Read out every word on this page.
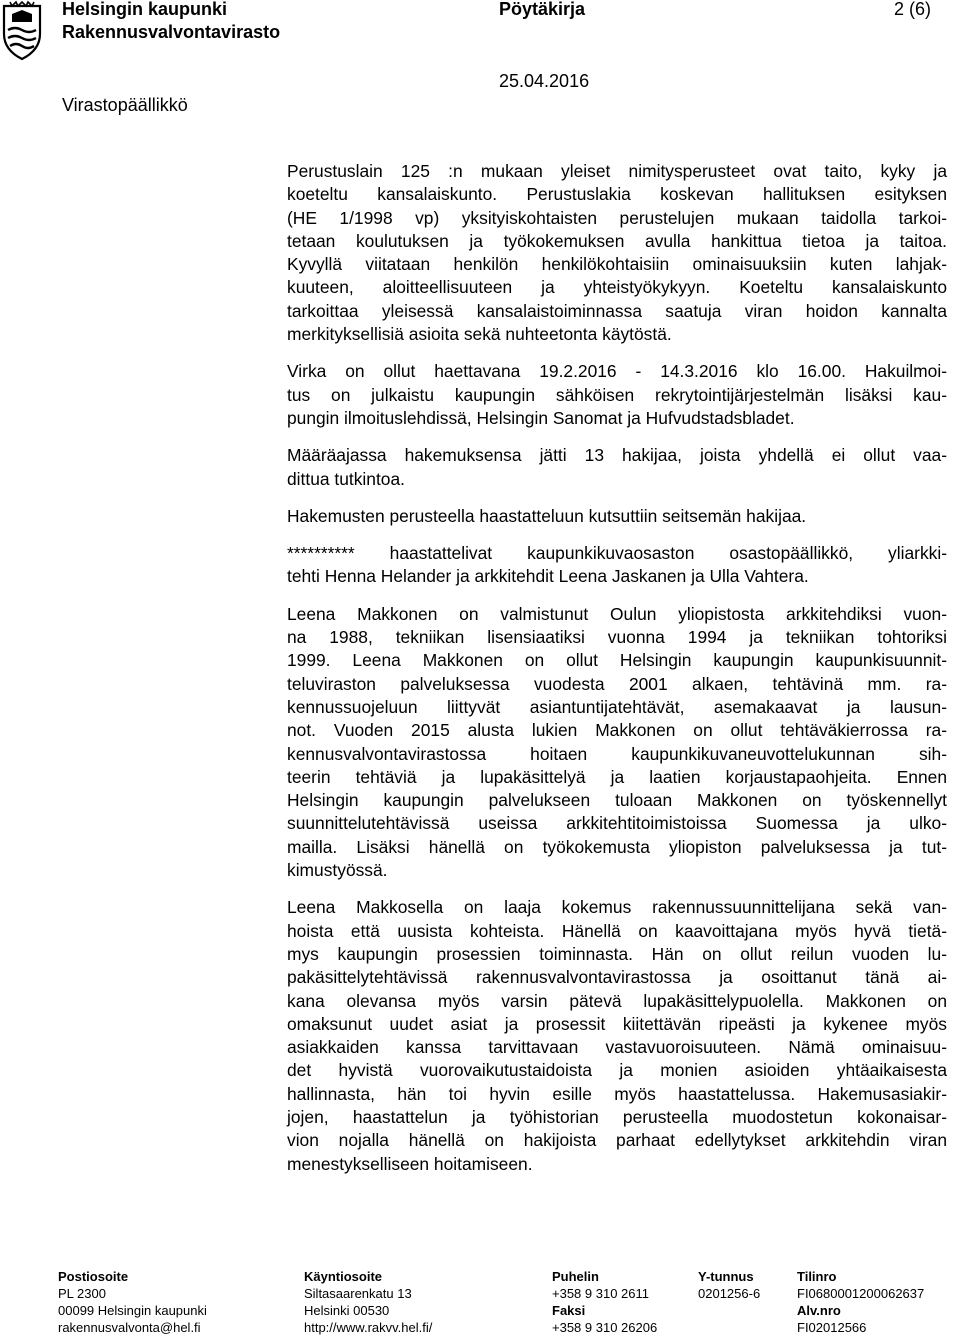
Helsingin kaupunki
Rakennusvalvontavirasto
Pöytäkirja	2 (6)
25.04.2016
Virastopäällikkö

Perustuslain 125 :n mukaan yleiset nimitysperusteet ovat taito, kyky ja
koeteltu kansalaiskunto. Perustuslakia koskevan hallituksen esityksen
(HE 1/1998 vp) yksityiskohtaisten perustelujen mukaan taidolla tarkoi-
tetaan koulutuksen ja työkokemuksen avulla hankittua tietoa ja taitoa.
Kyvyllä viitataan henkilön henkilökohtaisiin ominaisuuksiin kuten lahjak-
kuuteen, aloitteellisuuteen ja yhteistyökykyyn. Koeteltu kansalaiskunto
tarkoittaa yleisessä kansalaistoiminnassa saatuja viran hoidon kannalta
merkityksellisiä asioita sekä nuhteetonta käytöstä.

Virka on ollut haettavana 19.2.2016 - 14.3.2016 klo 16.00. Hakuilmoi-
tus on julkaistu kaupungin sähköisen rekrytointijärjestelmän lisäksi kau-
pungin ilmoituslehdissä, Helsingin Sanomat ja Hufvudstadsbladet.

Määräajassa hakemuksensa jätti 13 hakijaa, joista yhdellä ei ollut vaa-
dittua tutkintoa.

Hakemusten perusteella haastatteluun kutsuttiin seitsemän hakijaa.

********** haastattelivat kaupunkikuvaosaston osastopäällikkö, yliarkki-
tehti Henna Helander ja arkkitehdit Leena Jaskanen ja Ulla Vahtera.

Leena Makkonen on valmistunut Oulun yliopistosta arkkitehdiksi vuon-
na 1988, tekniikan lisensiaatiksi vuonna 1994 ja tekniikan tohtoriksi
1999. Leena Makkonen on ollut Helsingin kaupungin kaupunkisuunnit-
teluviraston palveluksessa vuodesta 2001 alkaen, tehtävinä mm. ra-
kennussuojeluun liittyvät asiantuntijatehtävät, asemakaavat ja lausun-
not. Vuoden 2015 alusta lukien Makkonen on ollut tehtäväkierrossa ra-
kennusvalvontavirastossa hoitaen kaupunkikuvaneuvottelukunnan sih-
teerin tehtäviä ja lupakäsittelyä ja laatien korjaustapaohjeita. Ennen
Helsingin kaupungin palvelukseen tuloaan Makkonen on työskennellyt
suunnittelutehtävissä useissa arkkitehtitoimistoissa Suomessa ja ulko-
mailla. Lisäksi hänellä on työkokemusta yliopiston palveluksessa ja tut-
kimustyössä.

Leena Makkosella on laaja kokemus rakennussuunnittelijana sekä van-
hoista että uusista kohteista. Hänellä on kaavoittajana myös hyvä tietä-
mys kaupungin prosessien toiminnasta. Hän on ollut reilun vuoden lu-
pakäsittelytehtävissä rakennusvalvontavirastossa ja osoittanut tänä ai-
kana olevansa myös varsin pätevä lupakäsittelypuolella. Makkonen on
omaksunut uudet asiat ja prosessit kiitettävän ripeästi ja kykenee myös
asiakkaiden kanssa tarvittavaan vastavuoroisuuteen. Nämä ominaisuu-
det hyvistä vuorovaikutustaidoista ja monien asioiden yhtäaikaisesta
hallinnasta, hän toi hyvin esille myös haastattelussa. Hakemusasiakir-
jojen, haastattelun ja työhistorian perusteella muodostetun kokonaisar-
vion nojalla hänellä on hakijoista parhaat edellytykset arkkitehdin viran
menestykselliseen hoitamiseen.

Postiosoite
PL 2300
00099 Helsingin kaupunki
rakennusvalvonta@hel.fi
Käyntiosoite
Siltasaarenkatu 13
Helsinki 00530
http://www.rakvv.hel.fi/
Puhelin
+358 9 310 2611
Faksi
+358 9 310 26206
Y-tunnus
0201256-6
Tilinro
FI0680001200062637
Alv.nro
FI02012566
